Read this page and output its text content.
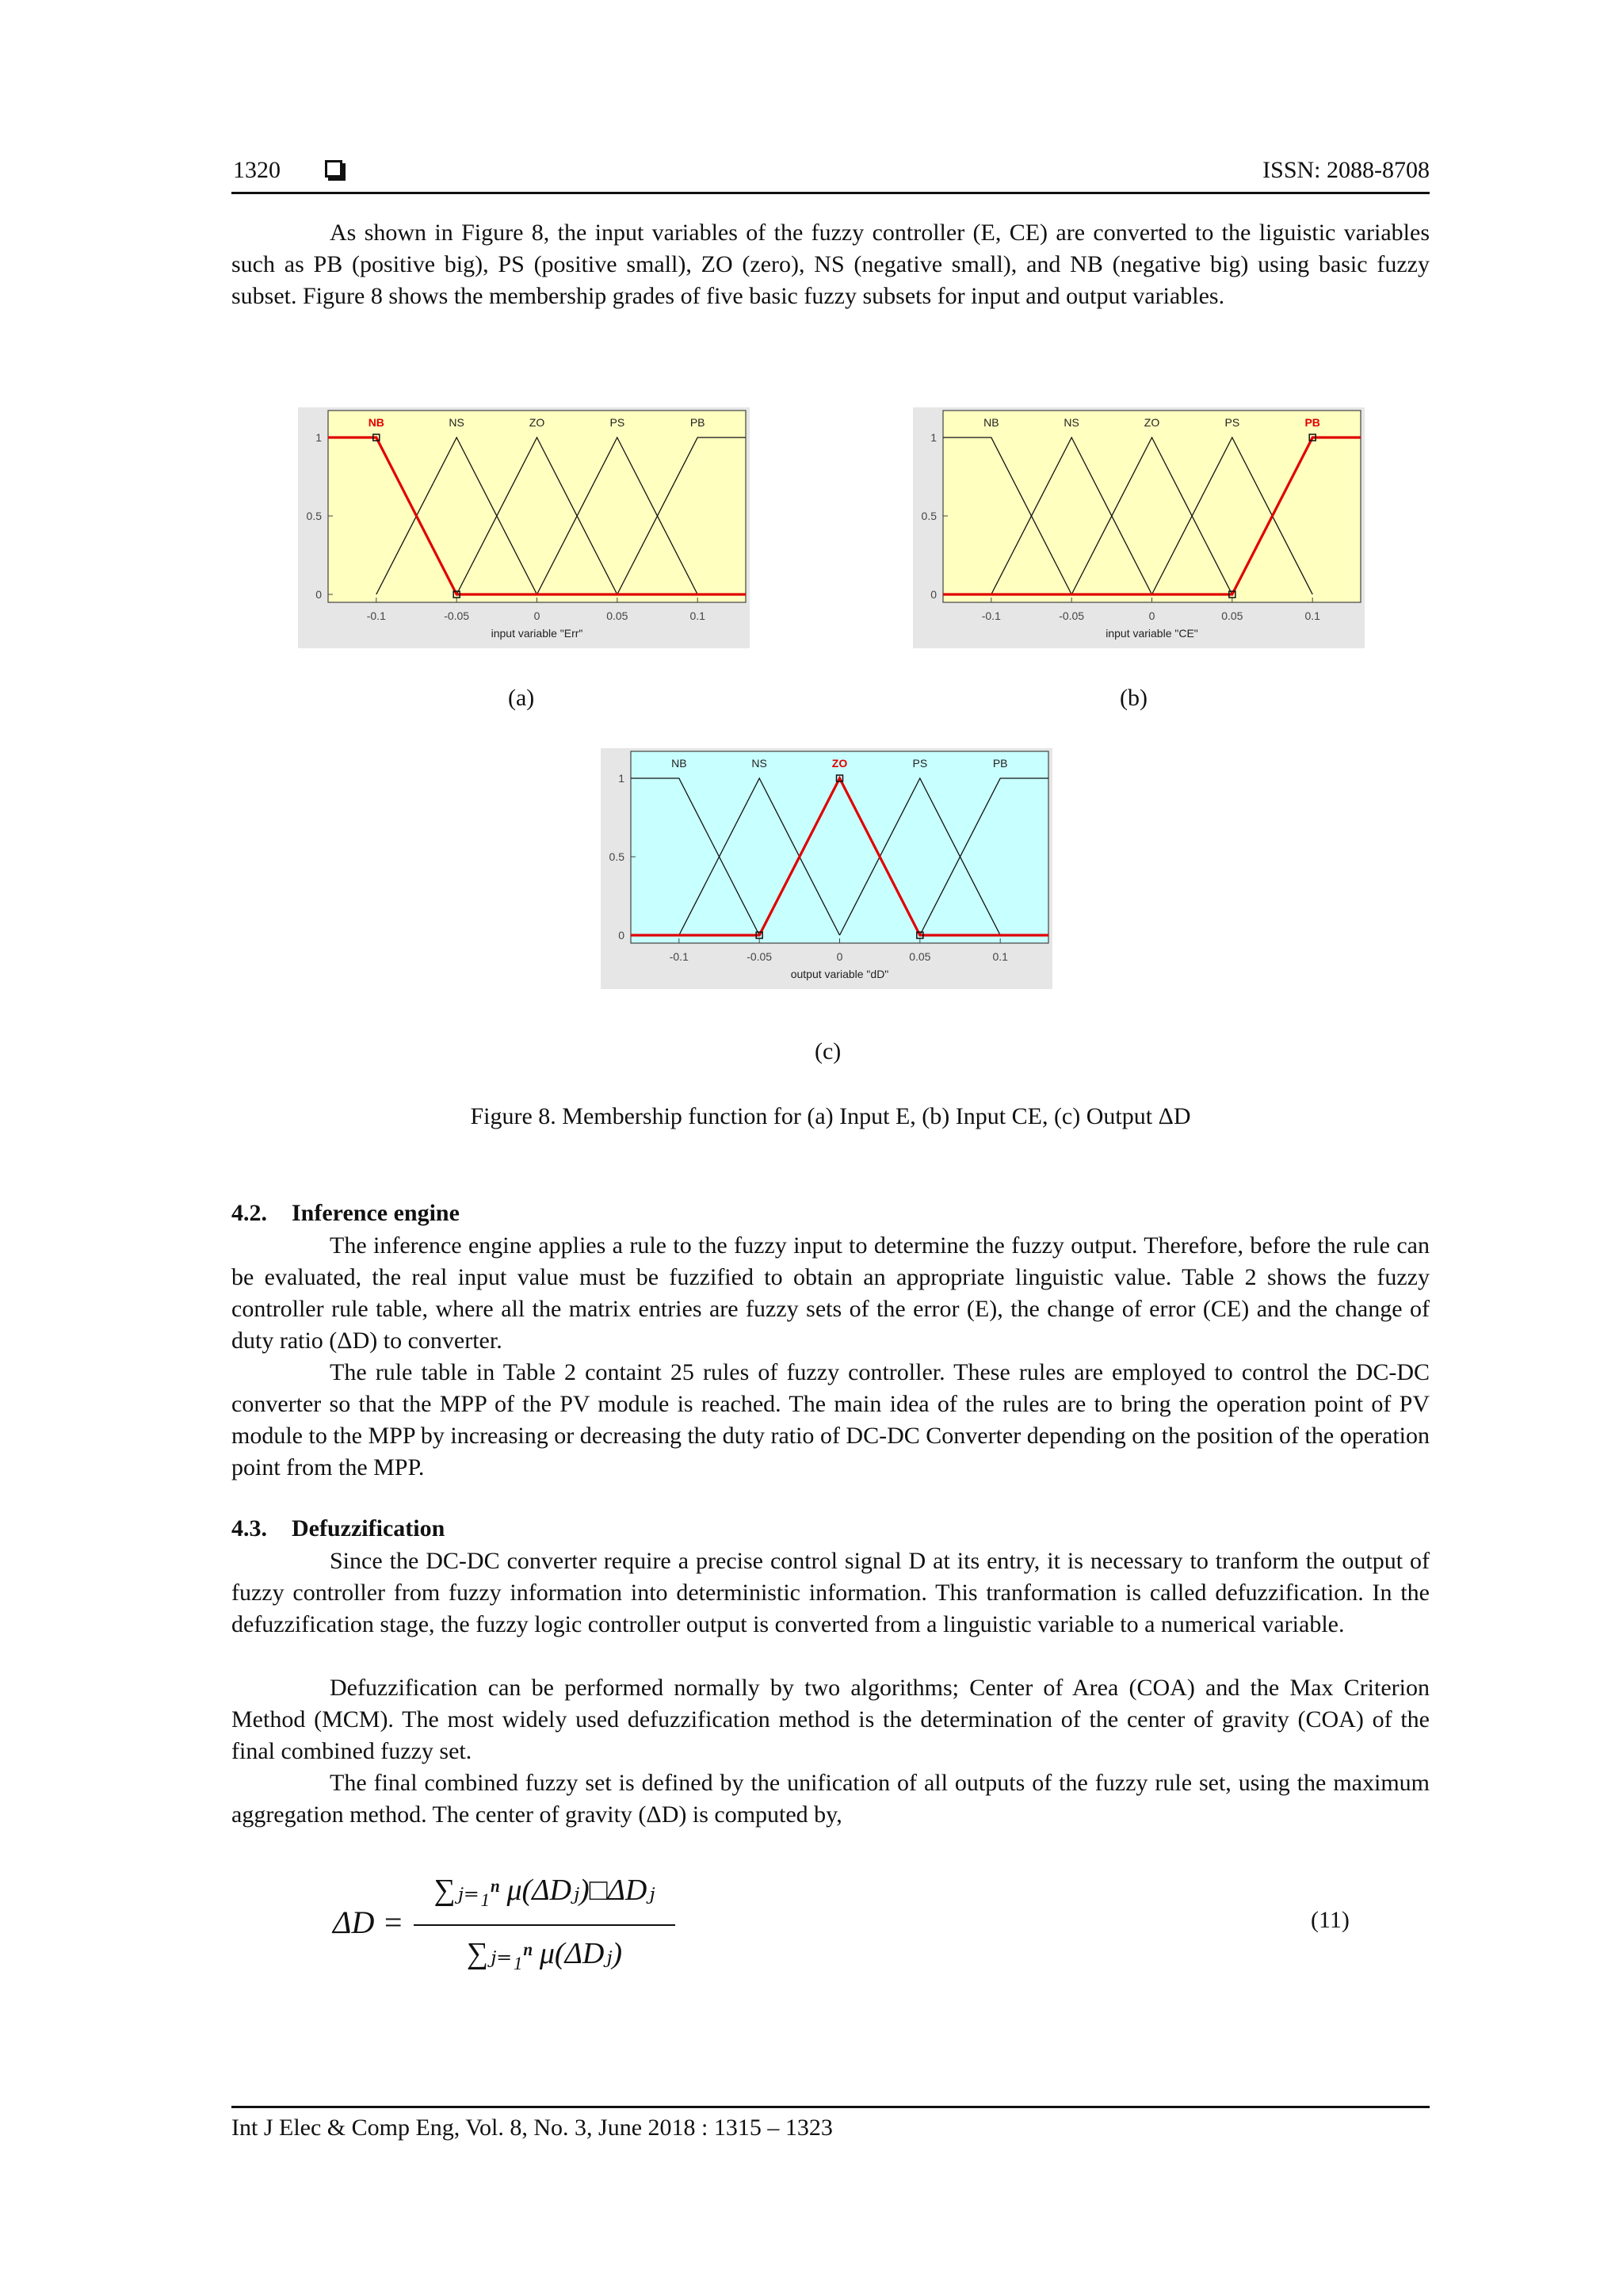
1320	ISSN: 2088-8708
As shown in Figure 8, the input variables of the fuzzy controller (E, CE) are converted to the liguistic variables such as PB (positive big), PS (positive small), ZO (zero), NS (negative small), and NB (negative big) using basic fuzzy subset. Figure 8 shows the membership grades of five basic fuzzy subsets for input and output variables.
0
0.5
1
-0.1	-0.05	0	0.05	0.1
input variable "Err"
NS	ZO	PS	PB
NB
0
0.5
1
-0.1	-0.05	0	0.05	0.1
input variable "CE"
NB	NS	ZO	PS	PB
0
0.5
1
-0.1	-0.05	0	0.05	0.1
output variable "dD"
NB	NS	PS	PB
ZO
(a)	(b)
(c)
Figure 8. Membership function for (a) Input E, (b) Input CE, (c) Output ΔD
4.2. Inference engine
The inference engine applies a rule to the fuzzy input to determine the fuzzy output. Therefore, before the rule can be evaluated, the real input value must be fuzzified to obtain an appropriate linguistic value. Table 2 shows the fuzzy controller rule table, where all the matrix entries are fuzzy sets of the error (E), the change of error (CE) and the change of duty ratio (ΔD) to converter.
The rule table in Table 2 containt 25 rules of fuzzy controller. These rules are employed to control the DC-DC converter so that the MPP of the PV module is reached. The main idea of the rules are to bring the operation point of PV module to the MPP by increasing or decreasing the duty ratio of DC-DC Converter depending on the position of the operation point from the MPP.
4.3. Defuzzification
Since the DC-DC converter require a precise control signal D at its entry, it is necessary to tranform the output of fuzzy controller from fuzzy information into deterministic information. This tranformation is called defuzzification. In the defuzzification stage, the fuzzy logic controller output is converted from a linguistic variable to a numerical variable.
Defuzzification can be performed normally by two algorithms; Center of Area (COA) and the Max Criterion Method (MCM). The most widely used defuzzification method is the determination of the center of gravity (COA) of the final combined fuzzy set.
The final combined fuzzy set is defined by the unification of all outputs of the fuzzy rule set, using the maximum aggregation method. The center of gravity (ΔD) is computed by,
ΔD =
∑ⱼ₌₁ⁿ μ(ΔDⱼ)□ΔDⱼ
∑ⱼ₌₁ⁿ μ(ΔDⱼ)
(11)
Int J Elec & Comp Eng, Vol. 8, No. 3, June 2018 : 1315 – 1323
